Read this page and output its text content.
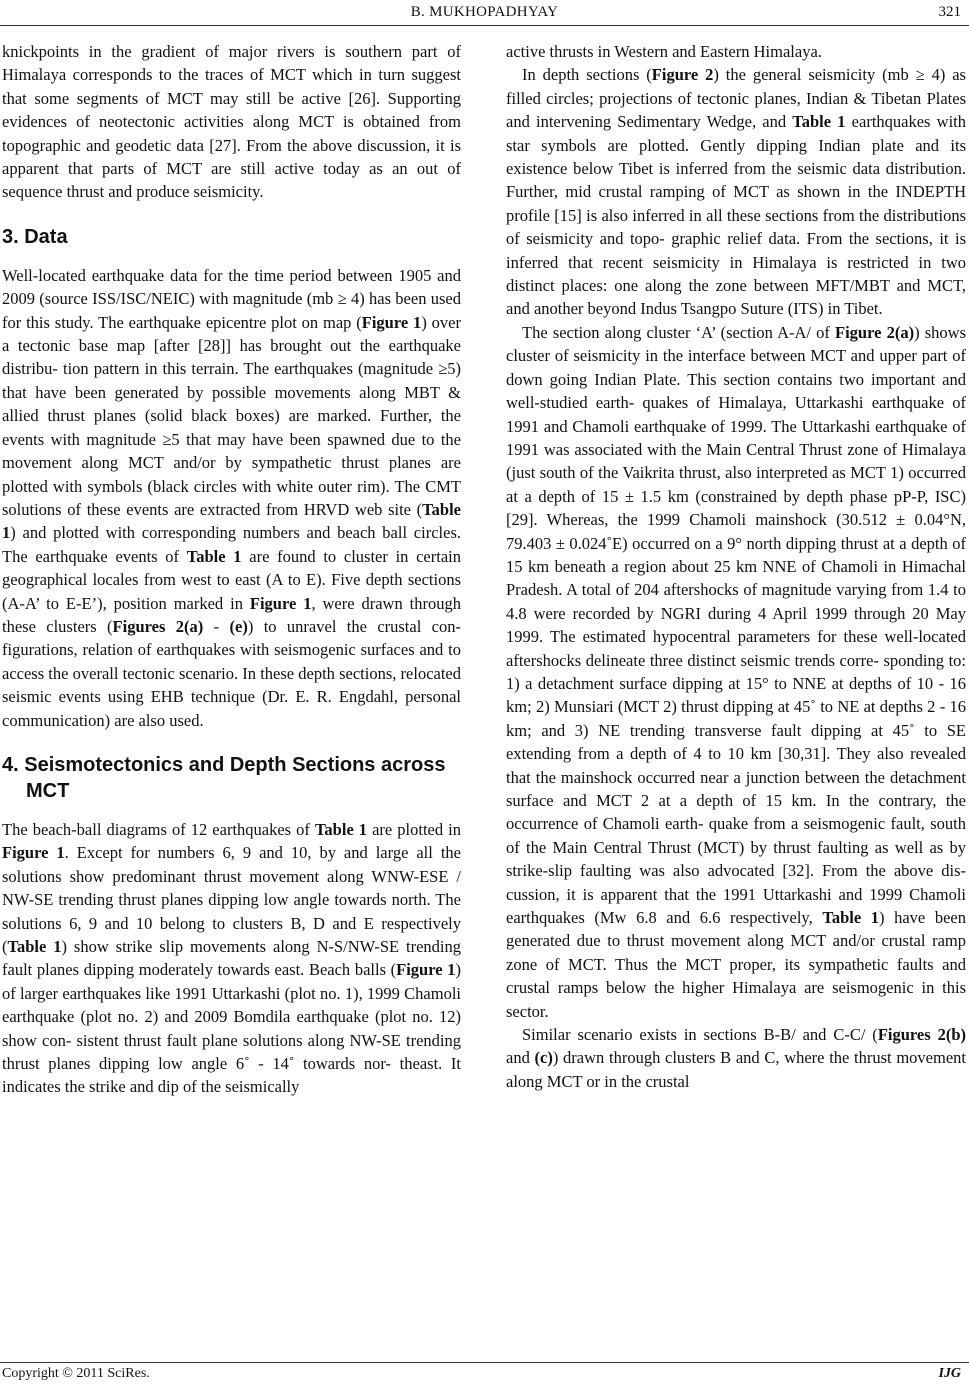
B. MUKHOPADHYAY	321

knickpoints in the gradient of major rivers is southern part of Himalaya corresponds to the traces of MCT which in turn suggest that some segments of MCT may still be active [26]. Supporting evidences of neotectonic activities along MCT is obtained from topographic and geodetic data [27]. From the above discussion, it is apparent that parts of MCT are still active today as an out of sequence thrust and produce seismicity.

3. Data

Well-located earthquake data for the time period between 1905 and 2009 (source ISS/ISC/NEIC) with magnitude (mb ≥ 4) has been used for this study. The earthquake epicentre plot on map (Figure 1) over a tectonic base map [after [28]] has brought out the earthquake distribu- tion pattern in this terrain. The earthquakes (magnitude ≥5) that have been generated by possible movements along MBT & allied thrust planes (solid black boxes) are marked. Further, the events with magnitude ≥5 that may have been spawned due to the movement along MCT and/or by sympathetic thrust planes are plotted with symbols (black circles with white outer rim). The CMT solutions of these events are extracted from HRVD web site (Table 1) and plotted with corresponding numbers and beach ball circles. The earthquake events of Table 1 are found to cluster in certain geographical locales from west to east (A to E). Five depth sections (A-A’ to E-E’), position marked in Figure 1, were drawn through these clusters (Figures 2(a) - (e)) to unravel the crustal con- figurations, relation of earthquakes with seismogenic surfaces and to access the overall tectonic scenario. In these depth sections, relocated seismic events using EHB technique (Dr. E. R. Engdahl, personal communication) are also used.

4. Seismotectonics and Depth Sections across MCT

The beach-ball diagrams of 12 earthquakes of Table 1 are plotted in Figure 1. Except for numbers 6, 9 and 10, by and large all the solutions show predominant thrust movement along WNW-ESE / NW-SE trending thrust planes dipping low angle towards north. The solutions 6, 9 and 10 belong to clusters B, D and E respectively (Table 1) show strike slip movements along N-S/NW-SE trending fault planes dipping moderately towards east. Beach balls (Figure 1) of larger earthquakes like 1991 Uttarkashi (plot no. 1), 1999 Chamoli earthquake (plot no. 2) and 2009 Bomdila earthquake (plot no. 12) show con- sistent thrust fault plane solutions along NW-SE trending thrust planes dipping low angle 6˚ - 14˚ towards nor- theast. It indicates the strike and dip of the seismically

active thrusts in Western and Eastern Himalaya.

In depth sections (Figure 2) the general seismicity (mb ≥ 4) as filled circles; projections of tectonic planes, Indian & Tibetan Plates and intervening Sedimentary Wedge, and Table 1 earthquakes with star symbols are plotted. Gently dipping Indian plate and its existence below Tibet is inferred from the seismic data distribution. Further, mid crustal ramping of MCT as shown in the INDEPTH profile [15] is also inferred in all these sections from the distributions of seismicity and topo- graphic relief data. From the sections, it is inferred that recent seismicity in Himalaya is restricted in two distinct places: one along the zone between MFT/MBT and MCT, and another beyond Indus Tsangpo Suture (ITS) in Tibet.

The section along cluster ‘A’ (section A-A/ of Figure 2(a)) shows cluster of seismicity in the interface between MCT and upper part of down going Indian Plate. This section contains two important and well-studied earth- quakes of Himalaya, Uttarkashi earthquake of 1991 and Chamoli earthquake of 1999. The Uttarkashi earthquake of 1991 was associated with the Main Central Thrust zone of Himalaya (just south of the Vaikrita thrust, also interpreted as MCT 1) occurred at a depth of 15 ± 1.5 km (constrained by depth phase pP-P, ISC) [29]. Whereas, the 1999 Chamoli mainshock (30.512 ± 0.04°N, 79.403 ± 0.024˚E) occurred on a 9° north dipping thrust at a depth of 15 km beneath a region about 25 km NNE of Chamoli in Himachal Pradesh. A total of 204 aftershocks of magnitude varying from 1.4 to 4.8 were recorded by NGRI during 4 April 1999 through 20 May 1999. The estimated hypocentral parameters for these well-located aftershocks delineate three distinct seismic trends corre- sponding to: 1) a detachment surface dipping at 15° to NNE at depths of 10 - 16 km; 2) Munsiari (MCT 2) thrust dipping at 45˚ to NE at depths 2 - 16 km; and 3) NE trending transverse fault dipping at 45˚ to SE extending from a depth of 4 to 10 km [30,31]. They also revealed that the mainshock occurred near a junction between the detachment surface and MCT 2 at a depth of 15 km. In the contrary, the occurrence of Chamoli earth- quake from a seismogenic fault, south of the Main Central Thrust (MCT) by thrust faulting as well as by strike-slip faulting was also advocated [32]. From the above dis- cussion, it is apparent that the 1991 Uttarkashi and 1999 Chamoli earthquakes (Mw 6.8 and 6.6 respectively, Table 1) have been generated due to thrust movement along MCT and/or crustal ramp zone of MCT. Thus the MCT proper, its sympathetic faults and crustal ramps below the higher Himalaya are seismogenic in this sector.

Similar scenario exists in sections B-B/ and C-C/ (Figures 2(b) and (c)) drawn through clusters B and C, where the thrust movement along MCT or in the crustal

Copyright © 2011 SciRes.	IJG
